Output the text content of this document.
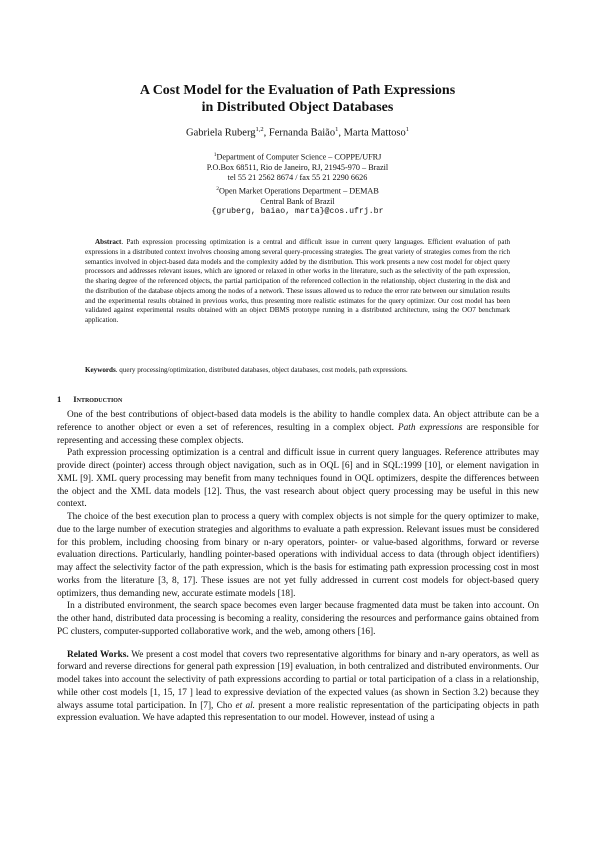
A Cost Model for the Evaluation of Path Expressions
in Distributed Object Databases
Gabriela Ruberg$^{1,2}$, Fernanda Baião$^1$, Marta Mattoso$^1$
$^1$Department of Computer Science – COPPE/UFRJ
P.O.Box 68511, Rio de Janeiro, RJ, 21945-970 – Brazil
tel 55 21 2562 8674 / fax 55 21 2290 6626
$^2$Open Market Operations Department – DEMAB
Central Bank of Brazil
{gruberg, baiao, marta}@cos.ufrj.br
Abstract. Path expression processing optimization is a central and difficult issue in current query languages. Efficient evaluation of path expressions in a distributed context involves choosing among several query-processing strategies. The great variety of strategies comes from the rich semantics involved in object-based data models and the complexity added by the distribution. This work presents a new cost model for object query processors and addresses relevant issues, which are ignored or relaxed in other works in the literature, such as the selectivity of the path expression, the sharing degree of the referenced objects, the partial participation of the referenced collection in the relationship, object clustering in the disk and the distribution of the database objects among the nodes of a network. These issues allowed us to reduce the error rate between our simulation results and the experimental results obtained in previous works, thus presenting more realistic estimates for the query optimizer. Our cost model has been validated against experimental results obtained with an object DBMS prototype running in a distributed architecture, using the OO7 benchmark application.
Keywords. query processing/optimization, distributed databases, object databases, cost models, path expressions.
1 Introduction

One of the best contributions of object-based data models is the ability to handle complex data. An object attribute can be a reference to another object or even a set of references, resulting in a complex object. Path expressions are responsible for representing and accessing these complex objects.

Path expression processing optimization is a central and difficult issue in current query languages. Reference attributes may provide direct (pointer) access through object navigation, such as in OQL [6] and in SQL:1999 [10], or element navigation in XML [9]. XML query processing may benefit from many techniques found in OQL optimizers, despite the differences between the object and the XML data models [12]. Thus, the vast research about object query processing may be useful in this new context.

The choice of the best execution plan to process a query with complex objects is not simple for the query optimizer to make, due to the large number of execution strategies and algorithms to evaluate a path expression. Relevant issues must be considered for this problem, including choosing from binary or n-ary operators, pointer- or value-based algorithms, forward or reverse evaluation directions. Particularly, handling pointer-based operations with individual access to data (through object identifiers) may affect the selectivity factor of the path expression, which is the basis for estimating path expression processing cost in most works from the literature [3, 8, 17]. These issues are not yet fully addressed in current cost models for object-based query optimizers, thus demanding new, accurate estimate models [18].

In a distributed environment, the search space becomes even larger because fragmented data must be taken into account. On the other hand, distributed data processing is becoming a reality, considering the resources and performance gains obtained from PC clusters, computer-supported collaborative work, and the web, among others [16].

Related Works. We present a cost model that covers two representative algorithms for binary and n-ary operators, as well as forward and reverse directions for general path expression [19] evaluation, in both centralized and distributed environments. Our model takes into account the selectivity of path expressions according to partial or total participation of a class in a relationship, while other cost models [1, 15, 17 ] lead to expressive deviation of the expected values (as shown in Section 3.2) because they always assume total participation. In [7], Cho et al. present a more realistic representation of the participating objects in path expression evaluation. We have adapted this representation to our model. However, instead of using a
